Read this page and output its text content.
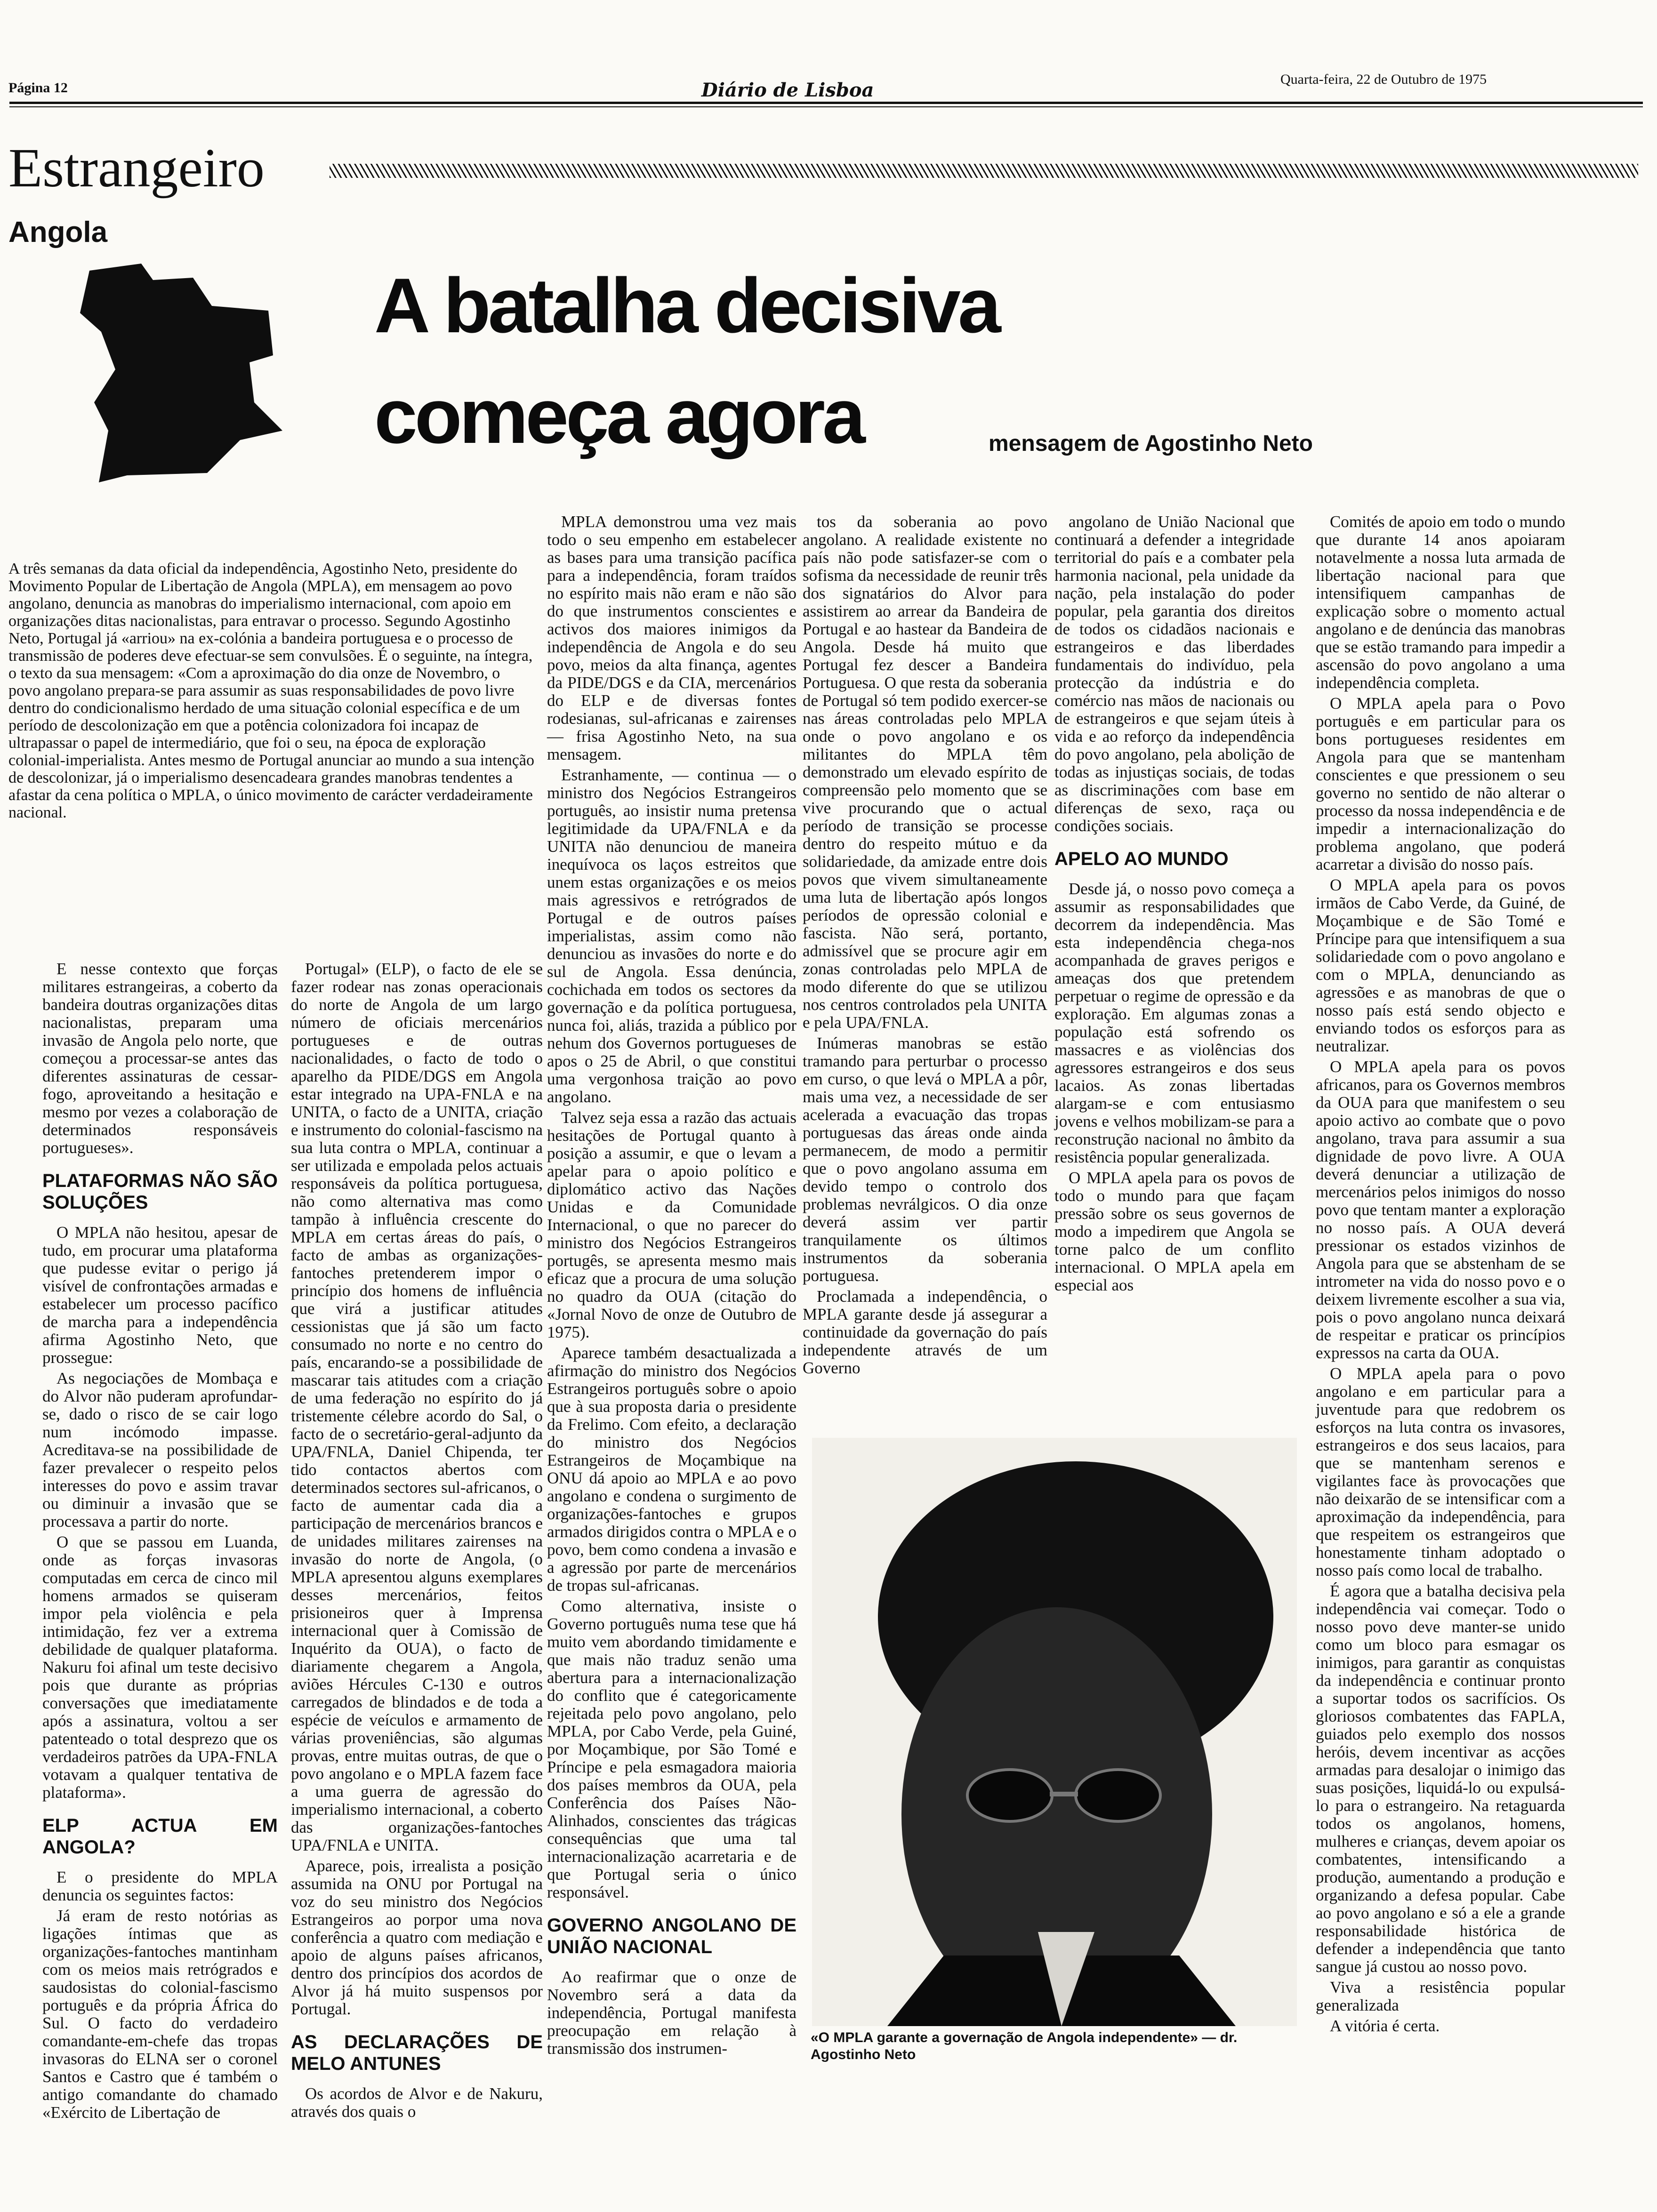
Página 12	Diário de Lisboa	Quarta-feira, 22 de Outubro de 1975
Estrangeiro
Angola
A batalha decisiva
começa agora	mensagem de Agostinho Neto
A três semanas da data oficial da independência, Agostinho Neto, presidente do Movimento Popular de Libertação de Angola (MPLA), em mensagem ao povo angolano, denuncia as manobras do imperialismo internacional, com apoio em organizações ditas nacionalistas, para entravar o processo. Segundo Agostinho Neto, Portugal já «arriou» na ex-colónia a bandeira portuguesa e o processo de transmissão de poderes deve efectuar-se sem convulsões. É o seguinte, na íntegra, o texto da sua mensagem: «Com a aproximação do dia onze de Novembro, o povo angolano prepara-se para assumir as suas responsabilidades de povo livre dentro do condicionalismo herdado de uma situação colonial específica e de um período de descolonização em que a potência colonizadora foi incapaz de ultrapassar o papel de intermediário, que foi o seu, na época de exploração colonial-imperialista. Antes mesmo de Portugal anunciar ao mundo a sua intenção de descolonizar, já o imperialismo desencadeara grandes manobras tendentes a afastar da cena política o MPLA, o único movimento de carácter verdadeiramente nacional.

E nesse contexto que forças militares estrangeiras, a coberto da bandeira doutras organizações ditas nacionalistas, preparam uma invasão de Angola pelo norte, que começou a processar-se antes das diferentes assinaturas de cessar-fogo, aproveitando a hesitação e mesmo por vezes a colaboração de determinados responsáveis portugueses».

PLATAFORMAS NÃO SÃO SOLUÇÕES

O MPLA não hesitou, apesar de tudo, em procurar uma plataforma que pudesse evitar o perigo já visível de confrontações armadas e estabelecer um processo pacífico de marcha para a independência afirma Agostinho Neto, que prossegue:

As negociações de Mombaça e do Alvor não puderam aprofundar-se, dado o risco de se cair logo num incómodo impasse. Acreditava-se na possibilidade de fazer prevalecer o respeito pelos interesses do povo e assim travar ou diminuir a invasão que se processava a partir do norte.

O que se passou em Luanda, onde as forças invasoras computadas em cerca de cinco mil homens armados se quiseram impor pela violência e pela intimidação, fez ver a extrema debilidade de qualquer plataforma. Nakuru foi afinal um teste decisivo pois que durante as próprias conversações que imediatamente após a assinatura, voltou a ser patenteado o total desprezo que os verdadeiros patrões da UPA-FNLA votavam a qualquer tentativa de plataforma».

ELP ACTUA EM ANGOLA?

E o presidente do MPLA denuncia os seguintes factos:

Já eram de resto notórias as ligações íntimas que as organizações-fantoches mantinham com os meios mais retrógrados e saudosistas do colonial-fascismo português e da própria África do Sul. O facto do verdadeiro comandante-em-chefe das tropas invasoras do ELNA ser o coronel Santos e Castro que é também o antigo comandante do chamado «Exército de Libertação de

Portugal» (ELP), o facto de ele se fazer rodear nas zonas operacionais do norte de Angola de um largo número de oficiais mercenários portugueses e de outras nacionalidades, o facto de todo o aparelho da PIDE/DGS em Angola estar integrado na UPA-FNLA e na UNITA, o facto de a UNITA, criação e instrumento do colonial-fascismo na sua luta contra o MPLA, continuar a ser utilizada e empolada pelos actuais responsáveis da política portuguesa, não como alternativa mas como tampão à influência crescente do MPLA em certas áreas do país, o facto de ambas as organizações-fantoches pretenderem impor o princípio dos homens de influência que virá a justificar atitudes cessionistas que já são um facto consumado no norte e no centro do país, encarando-se a possibilidade de mascarar tais atitudes com a criação de uma federação no espírito do já tristemente célebre acordo do Sal, o facto de o secretário-geral-adjunto da UPA/FNLA, Daniel Chipenda, ter tido contactos abertos com determinados sectores sul-africanos, o facto de aumentar cada dia a participação de mercenários brancos e de unidades militares zairenses na invasão do norte de Angola, (o MPLA apresentou alguns exemplares desses mercenários, feitos prisioneiros quer à Imprensa internacional quer à Comissão de Inquérito da OUA), o facto de diariamente chegarem a Angola, aviões Hércules C-130 e outros carregados de blindados e de toda a espécie de veículos e armamento de várias proveniências, são algumas provas, entre muitas outras, de que o povo angolano e o MPLA fazem face a uma guerra de agressão do imperialismo internacional, a coberto das organizações-fantoches UPA/FNLA e UNITA.

Aparece, pois, irrealista a posição assumida na ONU por Portugal na voz do seu ministro dos Negócios Estrangeiros ao porpor uma nova conferência a quatro com mediação e apoio de alguns países africanos, dentro dos princípios dos acordos de Alvor já há muito suspensos por Portugal.

AS DECLARAÇÕES DE MELO ANTUNES

Os acordos de Alvor e de Nakuru, através dos quais o

MPLA demonstrou uma vez mais todo o seu empenho em estabelecer as bases para uma transição pacífica para a independência, foram traídos no espírito mais não eram e não são do que instrumentos conscientes e activos dos maiores inimigos da independência de Angola e do seu povo, meios da alta finança, agentes da PIDE/DGS e da CIA, mercenários do ELP e de diversas fontes rodesianas, sul-africanas e zairenses — frisa Agostinho Neto, na sua mensagem.

Estranhamente, — continua — o ministro dos Negócios Estrangeiros português, ao insistir numa pretensa legitimidade da UPA/FNLA e da UNITA não denunciou de maneira inequívoca os laços estreitos que unem estas organizações e os meios mais agressivos e retrógrados de Portugal e de outros países imperialistas, assim como não denunciou as invasões do norte e do sul de Angola. Essa denúncia, cochichada em todos os sectores da governação e da política portuguesa, nunca foi, aliás, trazida a público por nehum dos Governos portugueses de apos o 25 de Abril, o que constitui uma vergonhosa traição ao povo angolano.

Talvez seja essa a razão das actuais hesitações de Portugal quanto à posição a assumir, e que o levam a apelar para o apoio político e diplomático activo das Nações Unidas e da Comunidade Internacional, o que no parecer do ministro dos Negócios Estrangeiros portugês, se apresenta mesmo mais eficaz que a procura de uma solução no quadro da OUA (citação do «Jornal Novo de onze de Outubro de 1975).

Aparece também desactualizada a afirmação do ministro dos Negócios Estrangeiros português sobre o apoio que à sua proposta daria o presidente da Frelimo. Com efeito, a declaração do ministro dos Negócios Estrangeiros de Moçambique na ONU dá apoio ao MPLA e ao povo angolano e condena o surgimento de organizações-fantoches e grupos armados dirigidos contra o MPLA e o povo, bem como condena a invasão e a agressão por parte de mercenários de tropas sul-africanas.

Como alternativa, insiste o Governo português numa tese que há muito vem abordando timidamente e que mais não traduz senão uma abertura para a internacionalização do conflito que é categoricamente rejeitada pelo povo angolano, pelo MPLA, por Cabo Verde, pela Guiné, por Moçambique, por São Tomé e Príncipe e pela esmagadora maioria dos países membros da OUA, pela Conferência dos Países Não-Alinhados, conscientes das trágicas consequências que uma tal internacionalização acarretaria e de que Portugal seria o único responsável.

GOVERNO ANGOLANO DE UNIÃO NACIONAL

Ao reafirmar que o onze de Novembro será a data da independência, Portugal manifesta preocupação em relação à transmissão dos instrumen-

tos da soberania ao povo angolano. A realidade existente no país não pode satisfazer-se com o sofisma da necessidade de reunir três dos signatários do Alvor para assistirem ao arrear da Bandeira de Portugal e ao hastear da Bandeira de Angola. Desde há muito que Portugal fez descer a Bandeira Portuguesa. O que resta da soberania de Portugal só tem podido exercer-se nas áreas controladas pelo MPLA onde o povo angolano e os militantes do MPLA têm demonstrado um elevado espírito de compreensão pelo momento que se vive procurando que o actual período de transição se processe dentro do respeito mútuo e da solidariedade, da amizade entre dois povos que vivem simultaneamente uma luta de libertação após longos períodos de opressão colonial e fascista. Não será, portanto, admissível que se procure agir em zonas controladas pelo MPLA de modo diferente do que se utilizou nos centros controlados pela UNITA e pela UPA/FNLA.

Inúmeras manobras se estão tramando para perturbar o processo em curso, o que levá o MPLA a pôr, mais uma vez, a necessidade de ser acelerada a evacuação das tropas portuguesas das áreas onde ainda permanecem, de modo a permitir que o povo angolano assuma em devido tempo o controlo dos problemas nevrálgicos. O dia onze deverá assim ver partir tranquilamente os últimos instrumentos da soberania portuguesa.

Proclamada a independência, o MPLA garante desde já assegurar a continuidade da governação do país independente através de um Governo

angolano de União Nacional que continuará a defender a integridade territorial do país e a combater pela harmonia nacional, pela unidade da nação, pela instalação do poder popular, pela garantia dos direitos de todos os cidadãos nacionais e estrangeiros e das liberdades fundamentais do indivíduo, pela protecção da indústria e do comércio nas mãos de nacionais ou de estrangeiros e que sejam úteis à vida e ao reforço da independência do povo angolano, pela abolição de todas as injustiças sociais, de todas as discriminações com base em diferenças de sexo, raça ou condições sociais.

APELO AO MUNDO

Desde já, o nosso povo começa a assumir as responsabilidades que decorrem da independência. Mas esta independência chega-nos acompanhada de graves perigos e ameaças dos que pretendem perpetuar o regime de opressão e da exploração. Em algumas zonas a população está sofrendo os massacres e as violências dos agressores estrangeiros e dos seus lacaios. As zonas libertadas alargam-se e com entusiasmo jovens e velhos mobilizam-se para a reconstrução nacional no âmbito da resistência popular generalizada.

O MPLA apela para os povos de todo o mundo para que façam pressão sobre os seus governos de modo a impedirem que Angola se torne palco de um conflito internacional. O MPLA apela em especial aos

Comités de apoio em todo o mundo que durante 14 anos apoiaram notavelmente a nossa luta armada de libertação nacional para que intensifiquem campanhas de explicação sobre o momento actual angolano e de denúncia das manobras que se estão tramando para impedir a ascensão do povo angolano a uma independência completa.

O MPLA apela para o Povo português e em particular para os bons portugueses residentes em Angola para que se mantenham conscientes e que pressionem o seu governo no sentido de não alterar o processo da nossa independência e de impedir a internacionalização do problema angolano, que poderá acarretar a divisão do nosso país.

O MPLA apela para os povos irmãos de Cabo Verde, da Guiné, de Moçambique e de São Tomé e Príncipe para que intensifiquem a sua solidariedade com o povo angolano e com o MPLA, denunciando as agressões e as manobras de que o nosso país está sendo objecto e enviando todos os esforços para as neutralizar.

O MPLA apela para os povos africanos, para os Governos membros da OUA para que manifestem o seu apoio activo ao combate que o povo angolano, trava para assumir a sua dignidade de povo livre. A OUA deverá denunciar a utilização de mercenários pelos inimigos do nosso povo que tentam manter a exploração no nosso país. A OUA deverá pressionar os estados vizinhos de Angola para que se abstenham de se intrometer na vida do nosso povo e o deixem livremente escolher a sua via, pois o povo angolano nunca deixará de respeitar e praticar os princípios expressos na carta da OUA.

O MPLA apela para o povo angolano e em particular para a juventude para que redobrem os esforços na luta contra os invasores, estrangeiros e dos seus lacaios, para que se mantenham serenos e vigilantes face às provocações que não deixarão de se intensificar com a aproximação da independência, para que respeitem os estrangeiros que honestamente tinham adoptado o nosso país como local de trabalho.

É agora que a batalha decisiva pela independência vai começar. Todo o nosso povo deve manter-se unido como um bloco para esmagar os inimigos, para garantir as conquistas da independência e continuar pronto a suportar todos os sacrifícios. Os gloriosos combatentes das FAPLA, guiados pelo exemplo dos nossos heróis, devem incentivar as acções armadas para desalojar o inimigo das suas posições, liquidá-lo ou expulsá-lo para o estrangeiro. Na retaguarda todos os angolanos, homens, mulheres e crianças, devem apoiar os combatentes, intensificando a produção, aumentando a produção e organizando a defesa popular. Cabe ao povo angolano e só a ele a grande responsabilidade histórica de defender a independência que tanto sangue já custou ao nosso povo.

Viva a resistência popular generalizada

A vitória é certa.

«O MPLA garante a governação de Angola independente» — dr. Agostinho Neto
